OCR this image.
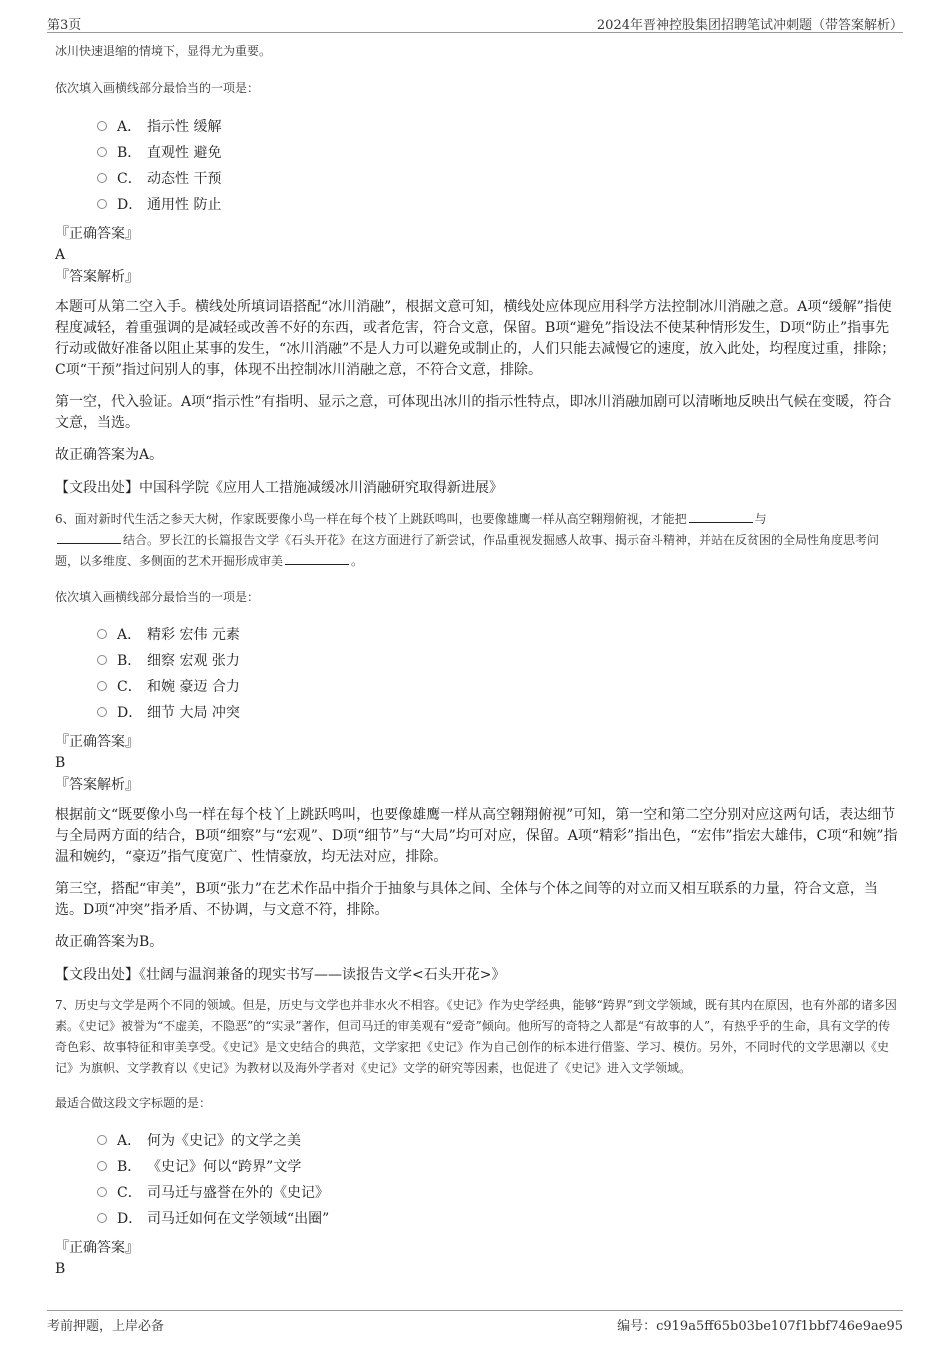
第3页	2024年晋神控股集团招聘笔试冲刺题（带答案解析）

冰川快速退缩的情境下，显得尤为重要。

依次填入画横线部分最恰当的一项是：

A． 指示性 缓解
B． 直观性 避免
C． 动态性 干预
D． 通用性 防止

『正确答案』

A

『答案解析』

本题可从第二空入手。横线处所填词语搭配“冰川消融”，根据文意可知，横线处应体现应用科学方法控制冰川消融之意。A项“缓解”指使程度减轻，着重强调的是减轻或改善不好的东西，或者危害，符合文意，保留。B项“避免”指设法不使某种情形发生，D项“防止”指事先行动或做好准备以阻止某事的发生，“冰川消融”不是人力可以避免或制止的，人们只能去减慢它的速度，放入此处，均程度过重，排除；C项“干预”指过问别人的事，体现不出控制冰川消融之意，不符合文意，排除。

第一空，代入验证。A项“指示性”有指明、显示之意，可体现出冰川的指示性特点，即冰川消融加剧可以清晰地反映出气候在变暖，符合文意，当选。

故正确答案为A。

【文段出处】中国科学院《应用人工措施减缓冰川消融研究取得新进展》

6、面对新时代生活之参天大树，作家既要像小鸟一样在每个枝丫上跳跃鸣叫，也要像雄鹰一样从高空翱翔俯视，才能把	与
结合。罗长江的长篇报告文学《石头开花》在这方面进行了新尝试，作品重视发掘感人故事、揭示奋斗精神，并站在反贫困的全局性角度思考问题，以多维度、多侧面的艺术开掘形成审美	。

依次填入画横线部分最恰当的一项是：

A． 精彩 宏伟 元素
B． 细察 宏观 张力
C． 和婉 豪迈 合力
D． 细节 大局 冲突

『正确答案』

B

『答案解析』

根据前文“既要像小鸟一样在每个枝丫上跳跃鸣叫，也要像雄鹰一样从高空翱翔俯视”可知，第一空和第二空分别对应这两句话，表达细节与全局两方面的结合，B项“细察”与“宏观”、D项“细节”与“大局”均可对应，保留。A项“精彩”指出色，“宏伟”指宏大雄伟，C项“和婉”指温和婉约，“豪迈”指气度宽广、性情豪放，均无法对应，排除。

第三空，搭配“审美”，B项“张力”在艺术作品中指介于抽象与具体之间、全体与个体之间等的对立而又相互联系的力量，符合文意，当选。D项“冲突”指矛盾、不协调，与文意不符，排除。

故正确答案为B。

【文段出处】《壮阔与温润兼备的现实书写——读报告文学<石头开花>》

7、历史与文学是两个不同的领域。但是，历史与文学也并非水火不相容。《史记》作为史学经典，能够“跨界”到文学领域，既有其内在原因，也有外部的诸多因素。《史记》被誉为“不虚美，不隐恶”的“实录”著作，但司马迁的审美观有“爱奇”倾向。他所写的奇特之人都是“有故事的人”，有热乎乎的生命，具有文学的传奇色彩、故事特征和审美享受。《史记》是文史结合的典范，文学家把《史记》作为自己创作的标本进行借鉴、学习、模仿。另外，不同时代的文学思潮以《史记》为旗帜、文学教育以《史记》为教材以及海外学者对《史记》文学的研究等因素，也促进了《史记》进入文学领域。

最适合做这段文字标题的是：

A． 何为《史记》的文学之美
B． 《史记》何以“跨界”文学
C． 司马迁与盛誉在外的《史记》
D． 司马迁如何在文学领域“出圈”

『正确答案』

B

考前押题，上岸必备	编号：c919a5ff65b03be107f1bbf746e9ae95
